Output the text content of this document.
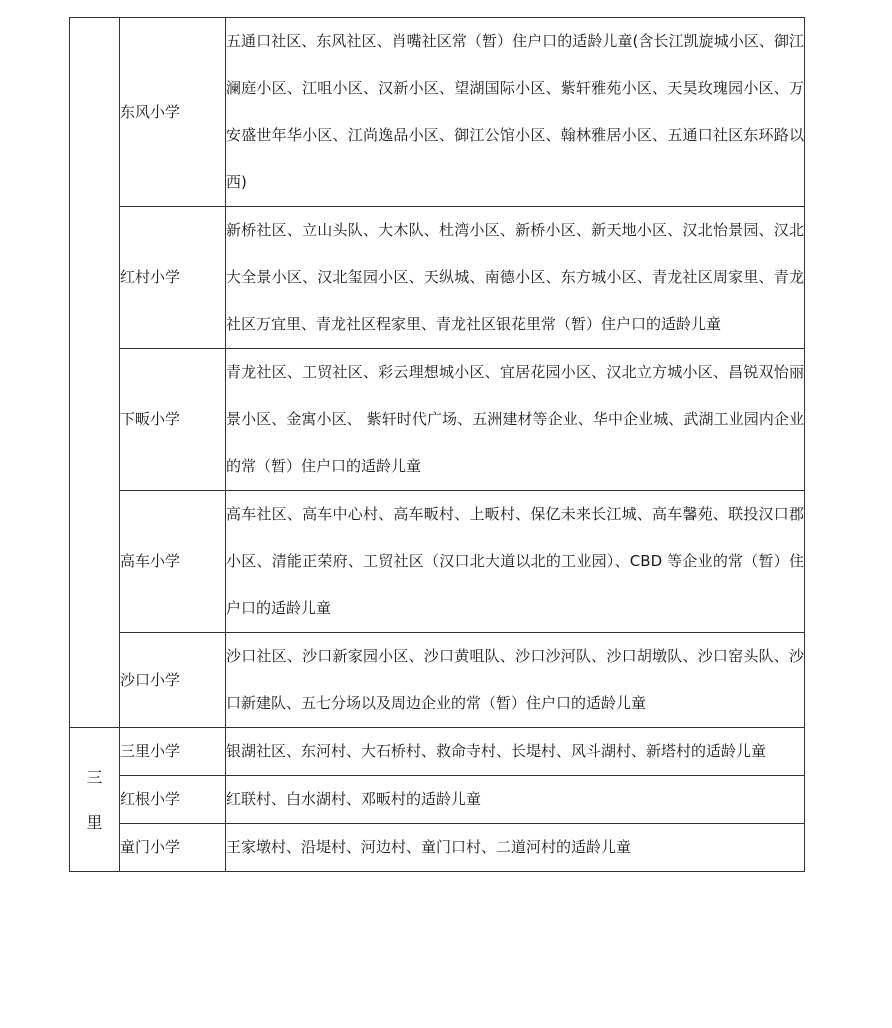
	东风小学	五通口社区、东风社区、肖嘴社区常（暂）住户口的适龄儿童(含长江凯旋城小区、御江澜庭小区、江咀小区、汉新小区、望湖国际小区、紫轩雅苑小区、天昊玫瑰园小区、万安盛世年华小区、江尚逸品小区、御江公馆小区、翰林雅居小区、五通口社区东环路以西)

	红村小学	新桥社区、立山头队、大木队、杜湾小区、新桥小区、新天地小区、汉北怡景园、汉北大全景小区、汉北玺园小区、天纵城、南德小区、东方城小区、青龙社区周家里、青龙社区万宜里、青龙社区程家里、青龙社区银花里常（暂）住户口的适龄儿童

	下畈小学	青龙社区、工贸社区、彩云理想城小区、宜居花园小区、汉北立方城小区、昌锐双怡丽景小区、金寓小区、 紫轩时代广场、五洲建材等企业、华中企业城、武湖工业园内企业的常（暂）住户口的适龄儿童

	高车小学	高车社区、高车中心村、高车畈村、上畈村、保亿未来长江城、高车馨苑、联投汉口郡小区、清能正荣府、工贸社区（汉口北大道以北的工业园）、CBD 等企业的常（暂）住户口的适龄儿童

	沙口小学	沙口社区、沙口新家园小区、沙口黄咀队、沙口沙河队、沙口胡墩队、沙口窑头队、沙口新建队、五七分场以及周边企业的常（暂）住户口的适龄儿童

三
里	三里小学	银湖社区、东河村、大石桥村、救命寺村、长堤村、风斗湖村、新塔村的适龄儿童

	红根小学	红联村、白水湖村、邓畈村的适龄儿童

	童门小学	王家墩村、沿堤村、河边村、童门口村、二道河村的适龄儿童
